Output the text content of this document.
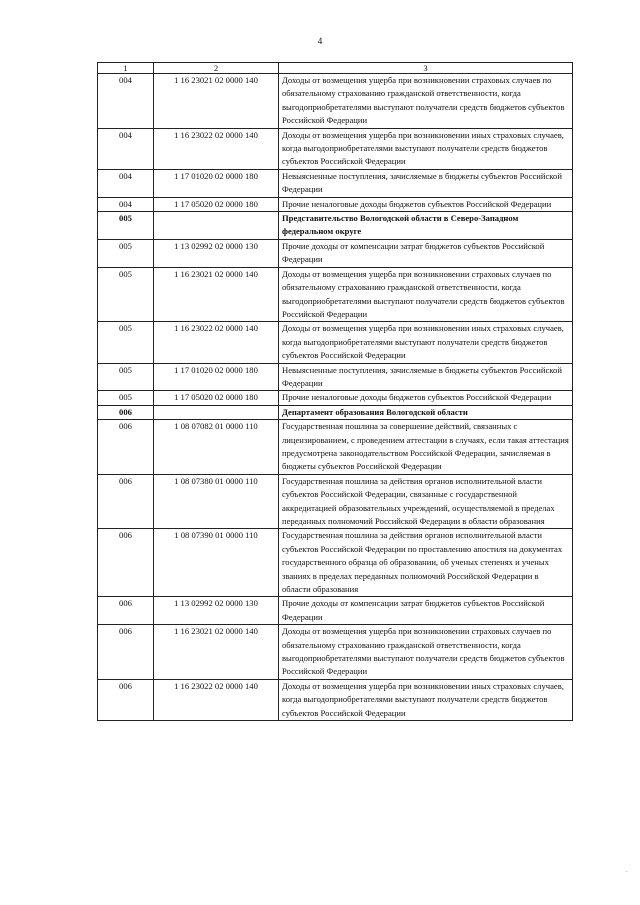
4
1	2	3
004	1 16 23021 02 0000 140	Доходы от возмещения ущерба при возникновении страховых случаев по обязательному страхованию гражданской ответственности, когда выгодоприобретателями выступают получатели средств бюджетов субъектов Российской Федерации
004	1 16 23022 02 0000 140	Доходы от возмещения ущерба при возникновении иных страховых случаев, когда выгодоприобретателями выступают получатели средств бюджетов субъектов Российской Федерации
004	1 17 01020 02 0000 180	Невыясненные поступления, зачисляемые в бюджеты субъектов Российской Федерации
004	1 17 05020 02 0000 180	Прочие неналоговые доходы бюджетов субъектов Российской Федерации
005		Представительство Вологодской области в Северо-Западном федеральном округе
005	1 13 02992 02 0000 130	Прочие доходы от компенсации затрат бюджетов субъектов Российской Федерации
005	1 16 23021 02 0000 140	Доходы от возмещения ущерба при возникновении страховых случаев по обязательному страхованию гражданской ответственности, когда выгодоприобретателями выступают получатели средств бюджетов субъектов Российской Федерации
005	1 16 23022 02 0000 140	Доходы от возмещения ущерба при возникновении иных страховых случаев, когда выгодоприобретателями выступают получатели средств бюджетов субъектов Российской Федерации
005	1 17 01020 02 0000 180	Невыясненные поступления, зачисляемые в бюджеты субъектов Российской Федерации
005	1 17 05020 02 0000 180	Прочие неналоговые доходы бюджетов субъектов Российской Федерации
006		Департамент образования Вологодской области
006	1 08 07082 01 0000 110	Государственная пошлина за совершение действий, связанных с лицензированием, с проведением аттестации в случаях, если такая аттестация предусмотрена законодательством Российской Федерации, зачисляемая в бюджеты субъектов Российской Федерации
006	1 08 07380 01 0000 110	Государственная пошлина за действия органов исполнительной власти субъектов Российской Федерации, связанные с государственной аккредитацией образовательных учреждений, осуществляемой в пределах переданных полномочий Российской Федерации в области образования
006	1 08 07390 01 0000 110	Государственная пошлина за действия органов исполнительной власти субъектов Российской Федерации по проставлению апостиля на документах государственного образца об образовании, об ученых степенях и ученых званиях в пределах переданных полномочий Российской Федерации в области образования
006	1 13 02992 02 0000 130	Прочие доходы от компенсации затрат бюджетов субъектов Российской Федерации
006	1 16 23021 02 0000 140	Доходы от возмещения ущерба при возникновении страховых случаев по обязательному страхованию гражданской ответственности, когда выгодоприобретателями выступают получатели средств бюджетов субъектов Российской Федерации
006	1 16 23022 02 0000 140	Доходы от возмещения ущерба при возникновении иных страховых случаев, когда выгодоприобретателями выступают получатели средств бюджетов субъектов Российской Федерации
·
